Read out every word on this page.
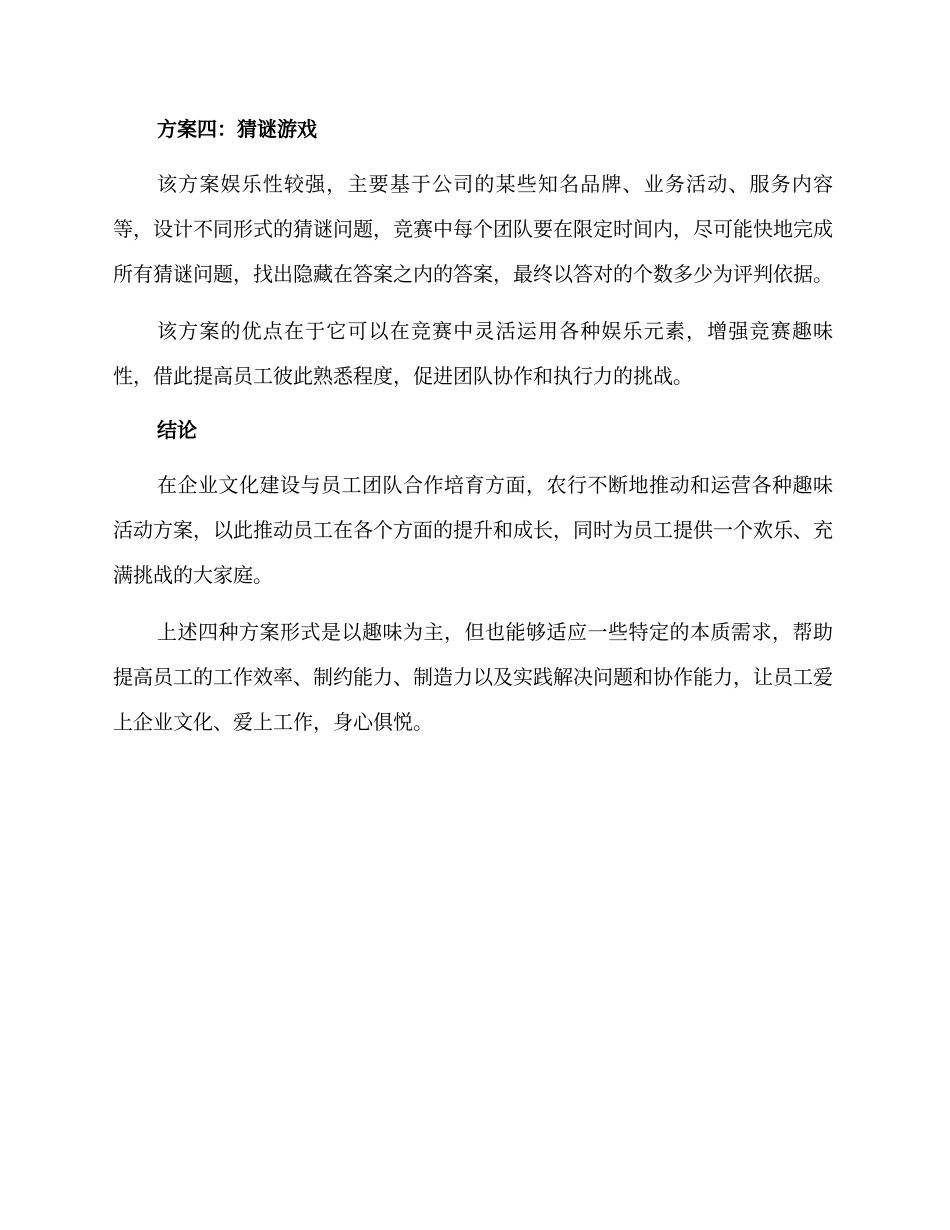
方案四：猜谜游戏

该方案娱乐性较强，主要基于公司的某些知名品牌、业务活动、服务内容等，设计不同形式的猜谜问题，竞赛中每个团队要在限定时间内，尽可能快地完成所有猜谜问题，找出隐藏在答案之内的答案，最终以答对的个数多少为评判依据。

该方案的优点在于它可以在竞赛中灵活运用各种娱乐元素，增强竞赛趣味性，借此提高员工彼此熟悉程度，促进团队协作和执行力的挑战。

结论

在企业文化建设与员工团队合作培育方面，农行不断地推动和运营各种趣味活动方案，以此推动员工在各个方面的提升和成长，同时为员工提供一个欢乐、充满挑战的大家庭。

上述四种方案形式是以趣味为主，但也能够适应一些特定的本质需求，帮助提高员工的工作效率、制约能力、制造力以及实践解决问题和协作能力，让员工爱上企业文化、爱上工作，身心俱悦。
